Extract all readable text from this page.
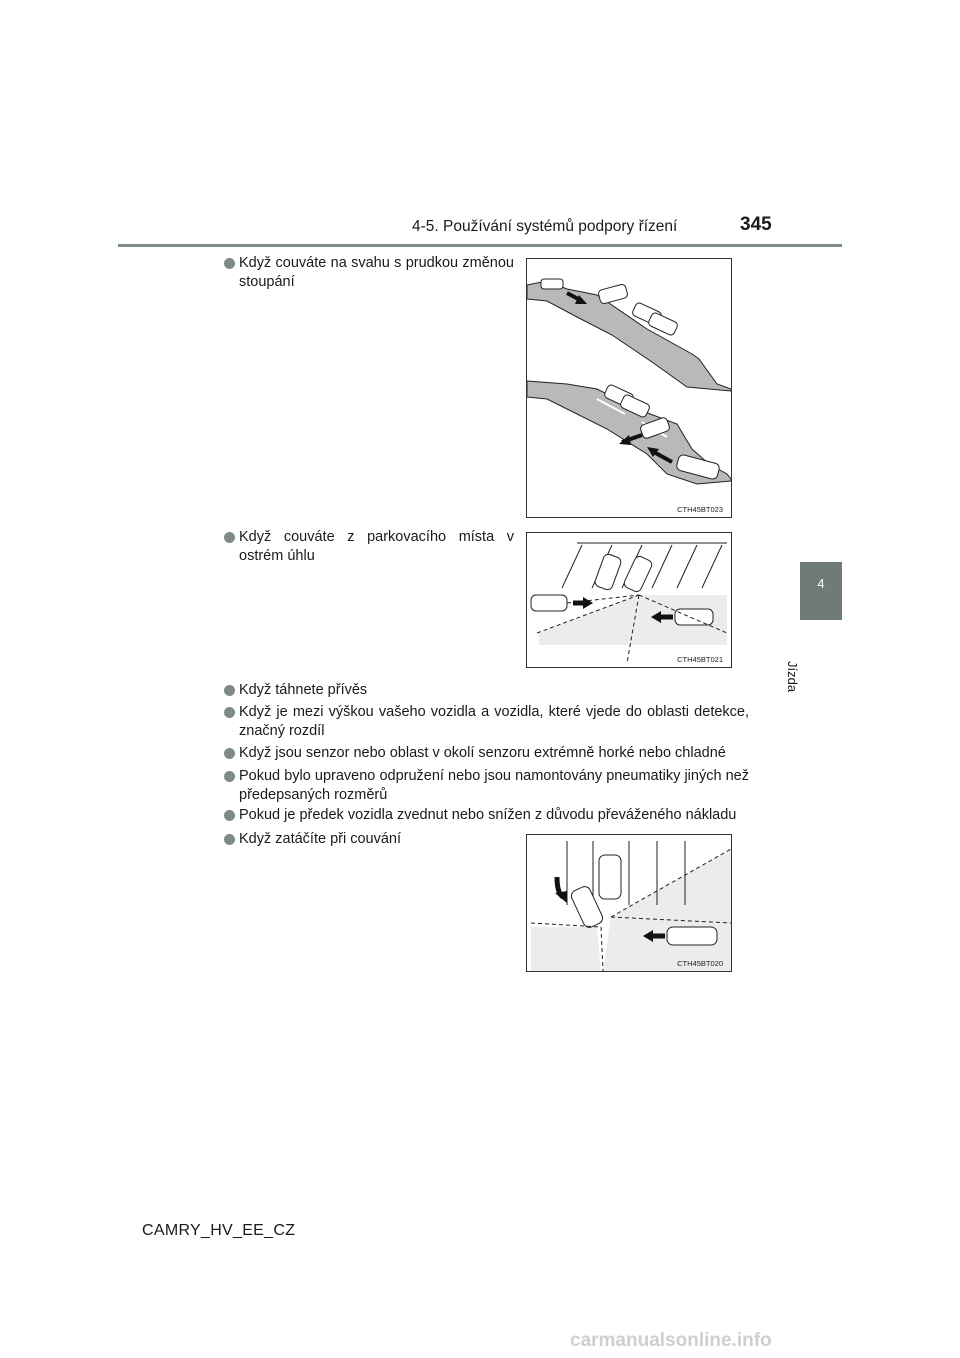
4-5. Používání systémů podpory řízení	345
4
Jízda
Když couváte na svahu s prudkou změnou stoupání
CTH45BT023
Když couváte z parkovacího místa v ostrém úhlu
CTH45BT021
Když táhnete přívěs
Když je mezi výškou vašeho vozidla a vozidla, které vjede do oblasti detekce, značný rozdíl
Když jsou senzor nebo oblast v okolí senzoru extrémně horké nebo chladné
Pokud bylo upraveno odpružení nebo jsou namontovány pneumatiky jiných než předepsaných rozměrů
Pokud je předek vozidla zvednut nebo snížen z důvodu převáženého nákladu
Když zatáčíte při couvání
CTH45BT020
CAMRY_HV_EE_CZ
carmanualsonline.info
